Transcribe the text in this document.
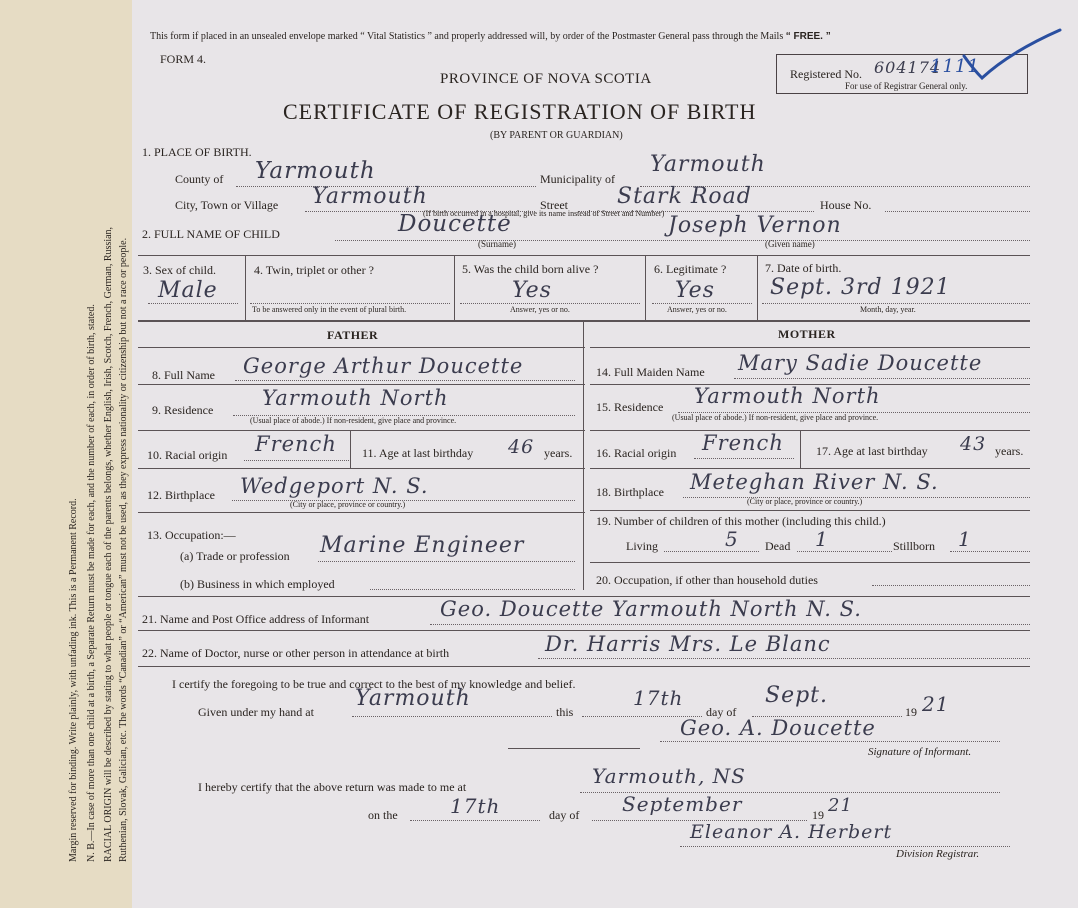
Margin reserved for binding. Write plainly, with unfading ink. This is a Permanent Record. N. B.—In case of more than one child at a birth, a Separate Return must be made for each, and the number of each, in order of birth, stated. RACIAL ORIGIN will be described by stating to what people or tongue each of the parents belongs, whether English, Irish, Scotch, French, German, Russian, Ruthenian, Slovak, Galician, etc. The words “Canadian” or “American” must not be used, as they express nationality or citizenship but not a race or people.
This form if placed in an unsealed envelope marked “ Vital Statistics ” and properly addressed will, by order of the Postmaster General pass through the Mails “ FREE. ”
FORM 4.
Registered No. 604174
1111
For use of Registrar General only.
PROVINCE OF NOVA SCOTIA
CERTIFICATE OF REGISTRATION OF BIRTH
(BY PARENT OR GUARDIAN)
1. PLACE OF BIRTH.
County of Yarmouth	Municipality of
Yarmouth
City, Town or Village Yarmouth	Street Stark Road	House No.
(If birth occurred in a hospital, give its name instead of Street and Number)
2. FULL NAME OF CHILD	Doucette
(Surname)
Joseph Vernon
(Given name)
3. Sex of child.
Male
4. Twin, triplet or other ?
To be answered only in the event of plural birth.
5. Was the child born alive ?
Yes
Answer, yes or no.
6. Legitimate ?
Yes
Answer, yes or no.
7. Date of birth.
Sept. 3rd 1921
Month, day, year.
FATHER	MOTHER
8. Full Name George Arthur Doucette
9. Residence Yarmouth North
(Usual place of abode.) If non-resident, give place and province.
10. Racial origin French 11. Age at last birthday 46 years.
12. Birthplace Wedgeport N. S.
(City or place, province or country.)
13. Occupation:—
(a) Trade or profession Marine Engineer
(b) Business in which employed
14. Full Maiden Name Mary Sadie Doucette
15. Residence Yarmouth North
(Usual place of abode.) If non-resident, give place and province.
16. Racial origin French	17. Age at last birthday 43 years.
18. Birthplace Meteghan River N. S.
(City or place, province or country.)
19. Number of children of this mother (including this child.)
Living	5 Dead 1	Stillborn 1
20. Occupation, if other than household duties
21. Name and Post Office address of Informant	Geo. Doucette Yarmouth North N. S.
22. Name of Doctor, nurse or other person in attendance at birth	Dr. Harris Mrs. Le Blanc
I certify the foregoing to be true and correct to the best of my knowledge and belief.
Given under my hand at
Yarmouth
this
17th
day of
Sept.
19 21
Geo. A. Doucette
Signature of Informant.
I hereby certify that the above return was made to me at	Yarmouth, NS
on the	17th	day of September	19 21
Eleanor A. Herbert
Division Registrar.
